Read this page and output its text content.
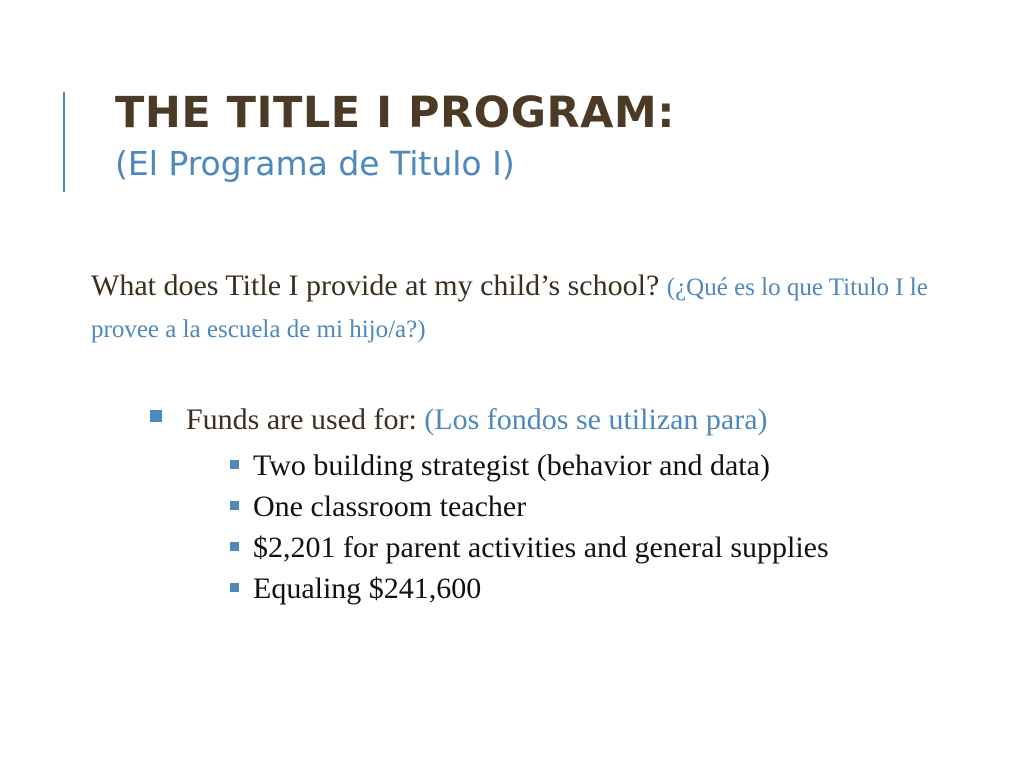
THE TITLE I PROGRAM:

(El Programa de Titulo I)

What does Title I provide at my child’s school? (¿Qué es lo que Titulo I le provee a la escuela de mi hijo/a?)
Funds are used for: (Los fondos se utilizan para)
Two building strategist (behavior and data)
One classroom teacher
$2,201 for parent activities and general supplies
Equaling $241,600
